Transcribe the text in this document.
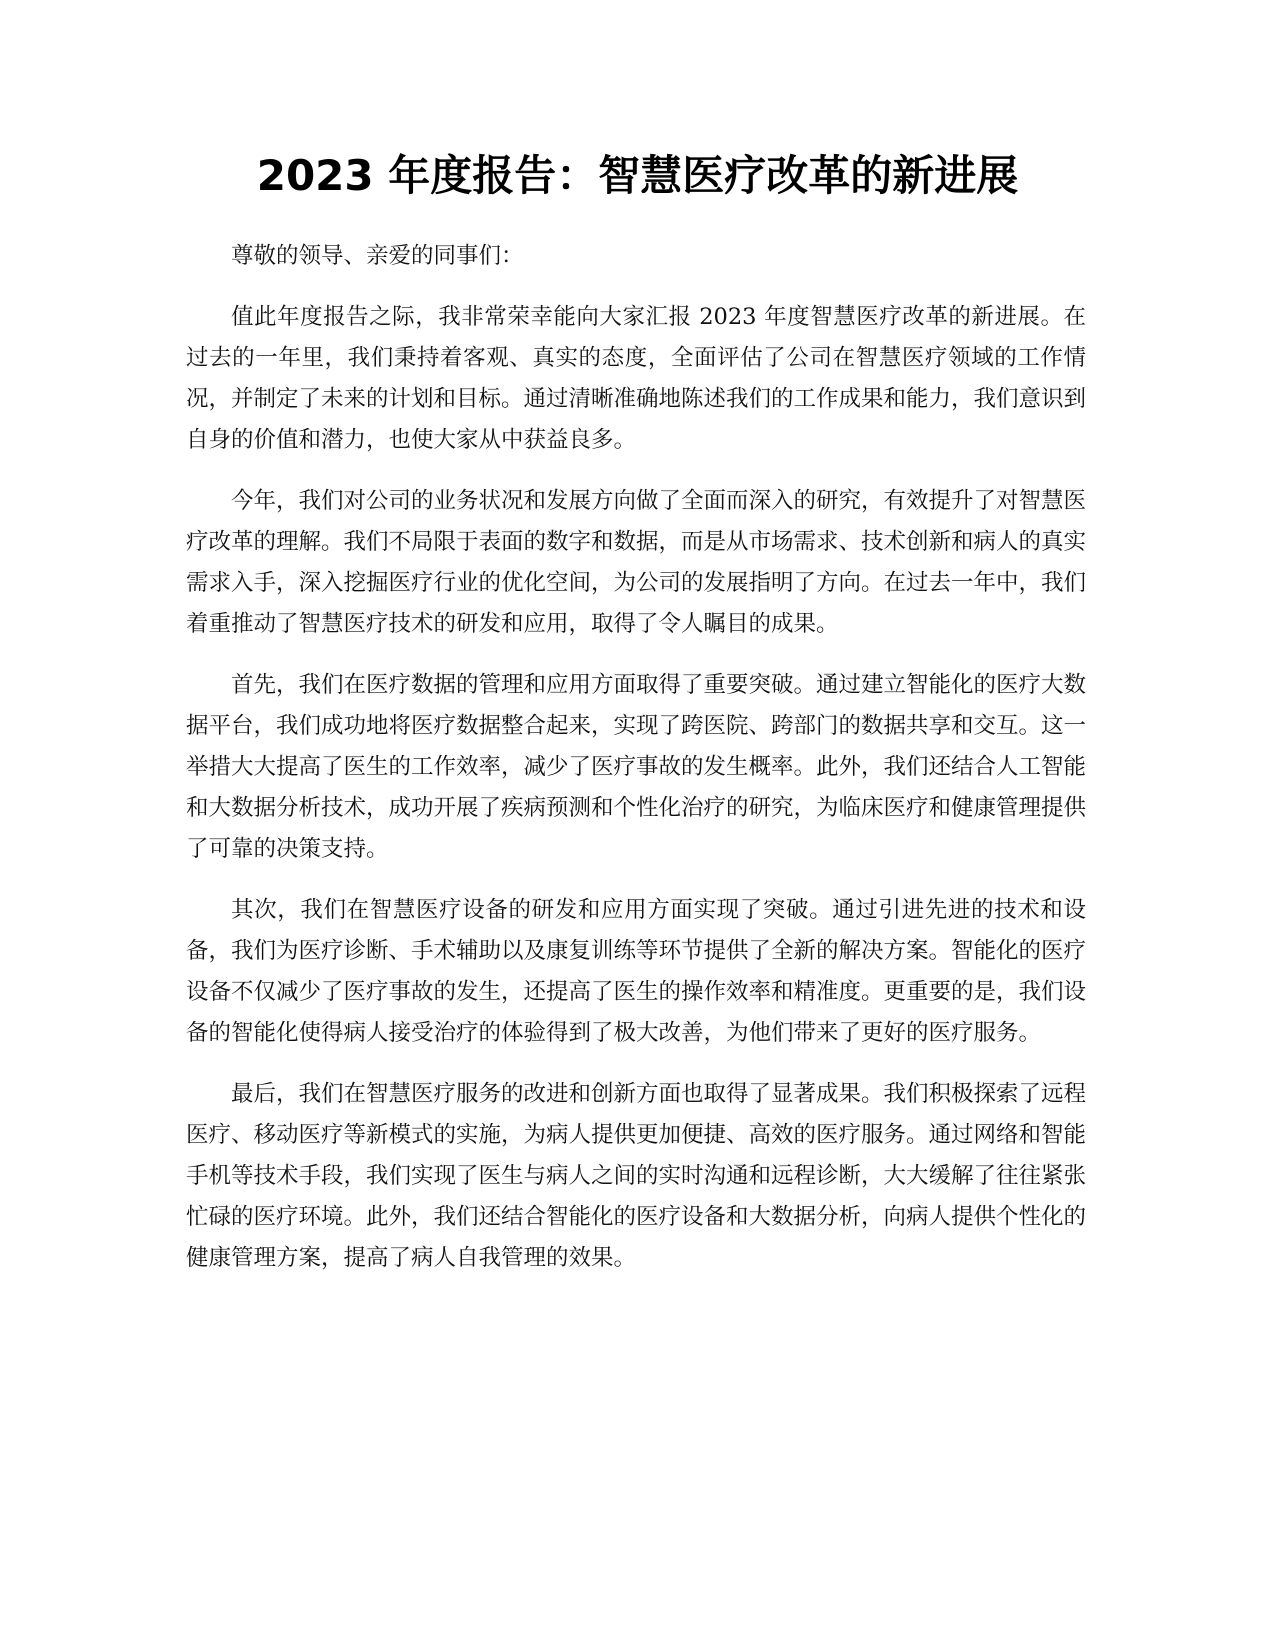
2023 年度报告：智慧医疗改革的新进展

尊敬的领导、亲爱的同事们：

值此年度报告之际，我非常荣幸能向大家汇报 2023 年度智慧医疗改革的新进展。在过去的一年里，我们秉持着客观、真实的态度，全面评估了公司在智慧医疗领域的工作情况，并制定了未来的计划和目标。通过清晰准确地陈述我们的工作成果和能力，我们意识到自身的价值和潜力，也使大家从中获益良多。

今年，我们对公司的业务状况和发展方向做了全面而深入的研究，有效提升了对智慧医疗改革的理解。我们不局限于表面的数字和数据，而是从市场需求、技术创新和病人的真实需求入手，深入挖掘医疗行业的优化空间，为公司的发展指明了方向。在过去一年中，我们着重推动了智慧医疗技术的研发和应用，取得了令人瞩目的成果。

首先，我们在医疗数据的管理和应用方面取得了重要突破。通过建立智能化的医疗大数据平台，我们成功地将医疗数据整合起来，实现了跨医院、跨部门的数据共享和交互。这一举措大大提高了医生的工作效率，减少了医疗事故的发生概率。此外，我们还结合人工智能和大数据分析技术，成功开展了疾病预测和个性化治疗的研究，为临床医疗和健康管理提供了可靠的决策支持。

其次，我们在智慧医疗设备的研发和应用方面实现了突破。通过引进先进的技术和设备，我们为医疗诊断、手术辅助以及康复训练等环节提供了全新的解决方案。智能化的医疗设备不仅减少了医疗事故的发生，还提高了医生的操作效率和精准度。更重要的是，我们设备的智能化使得病人接受治疗的体验得到了极大改善，为他们带来了更好的医疗服务。

最后，我们在智慧医疗服务的改进和创新方面也取得了显著成果。我们积极探索了远程医疗、移动医疗等新模式的实施，为病人提供更加便捷、高效的医疗服务。通过网络和智能手机等技术手段，我们实现了医生与病人之间的实时沟通和远程诊断，大大缓解了往往紧张忙碌的医疗环境。此外，我们还结合智能化的医疗设备和大数据分析，向病人提供个性化的健康管理方案，提高了病人自我管理的效果。
